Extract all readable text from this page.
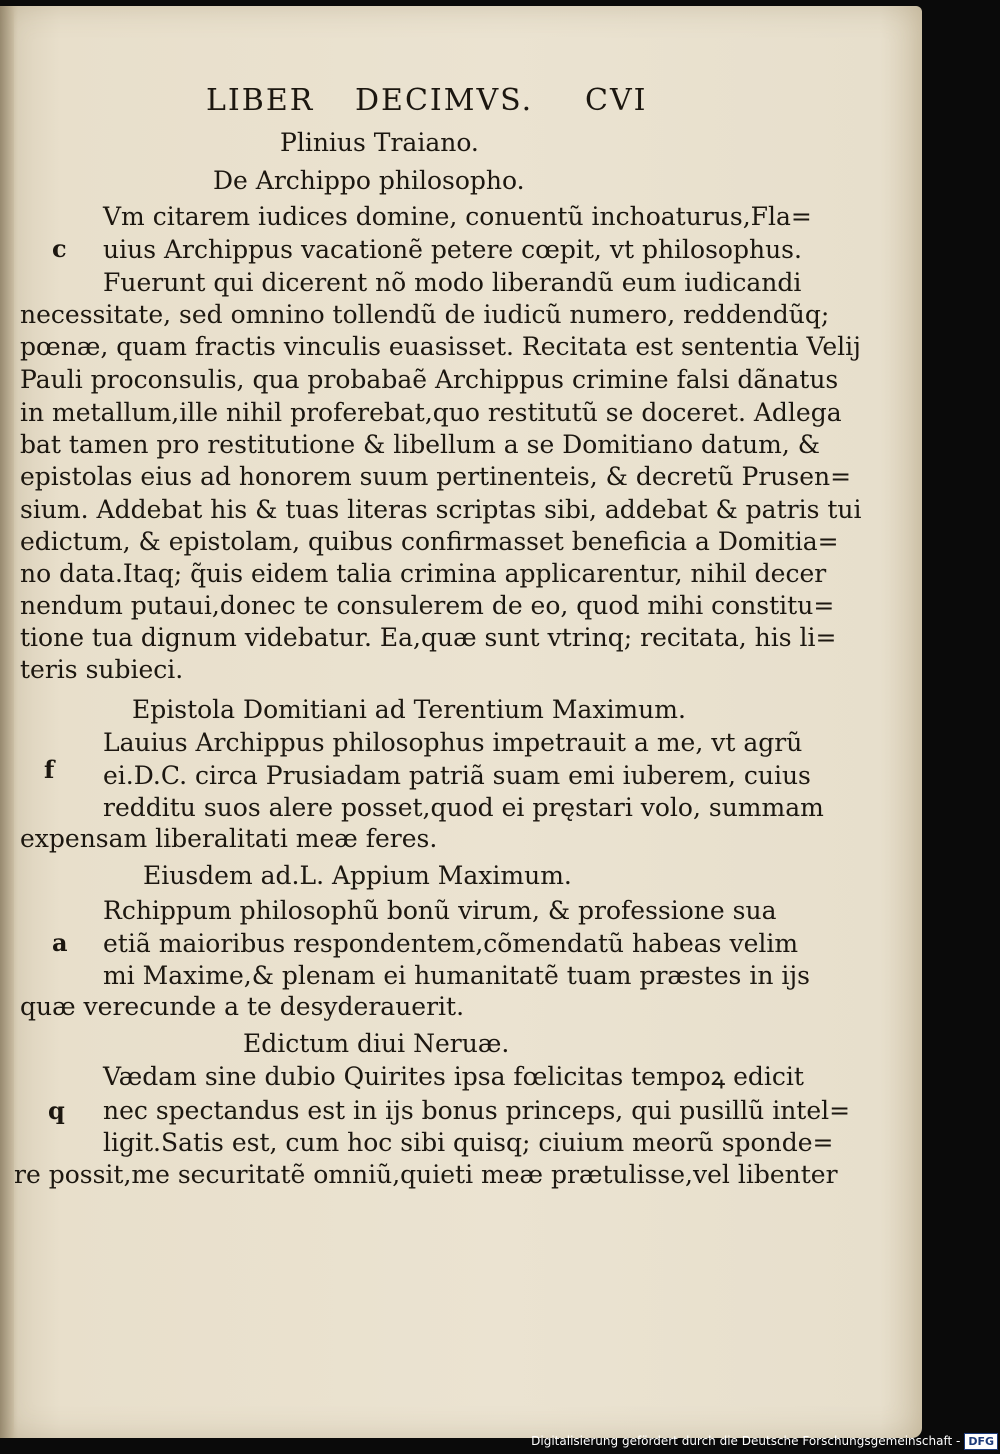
LIBER DECIMVS. CVI
Plinius Traiano.
De Archippo philosopho.
c
Vm citarem iudices domine, conuentũ inchoaturus,Fla=
uius Archippus vacationẽ petere cœpit, vt philosophus.
Fuerunt qui dicerent nõ modo liberandũ eum iudicandi
necessitate, sed omnino tollendũ de iudicũ numero, reddendũq;
pœnæ, quam fractis vinculis euasisset. Recitata est sententia Velij
Pauli proconsulis, qua probabaẽ Archippus crimine falsi dãnatus
in metallum,ille nihil proferebat,quo restitutũ se doceret. Adlega
bat tamen pro restitutione & libellum a se Domitiano datum, &
epistolas eius ad honorem suum pertinenteis, & decretũ Prusen=
sium. Addebat his & tuas literas scriptas sibi, addebat & patris tui
edictum, & epistolam, quibus confirmasset beneficia a Domitia=
no data.Itaq; q̃uis eidem talia crimina applicarentur, nihil decer
nendum putaui,donec te consulerem de eo, quod mihi constitu=
tione tua dignum videbatur. Ea,quæ sunt vtrinq; recitata, his li=
teris subieci.
Epistola Domitiani ad Terentium Maximum.
f
Lauius Archippus philosophus impetrauit a me, vt agrũ
ei.D.C. circa Prusiadam patriã suam emi iuberem, cuius
redditu suos alere posset,quod ei pręstari volo, summam
expensam liberalitati meæ feres.
Eiusdem ad.L. Appium Maximum.
a
Rchippum philosophũ bonũ virum, & professione sua
etiã maioribus respondentem,cõmendatũ habeas velim
mi Maxime,& plenam ei humanitatẽ tuam præstes in ijs
quæ verecunde a te desyderauerit.
Edictum diui Neruæ.
q
Vædam sine dubio Quirites ipsa fœlicitas tempoꝝ edicit
nec spectandus est in ijs bonus princeps, qui pusillũ intel=
ligit.Satis est, cum hoc sibi quisq; ciuium meorũ sponde=
re possit,me securitatẽ omniũ,quieti meæ prætulisse,vel libenter
Digitalisierung gefördert durch die Deutsche Forschungsgemeinschaft - DFG
